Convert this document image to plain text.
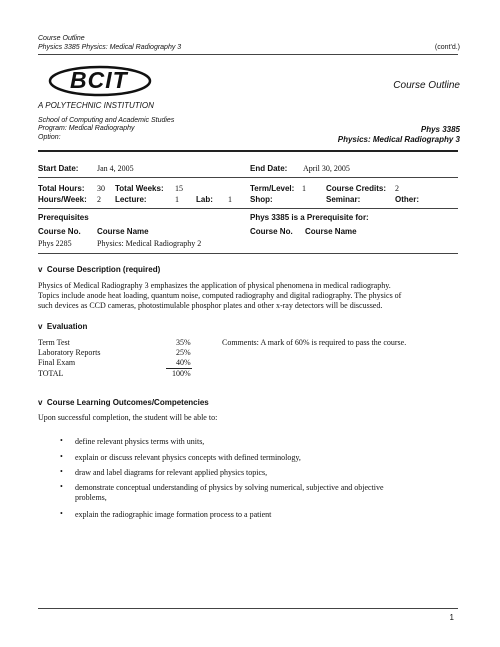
Course Outline
Physics 3385 Physics: Medical Radiography 3	(cont'd.)
BCIT
A POLYTECHNIC INSTITUTION
Course Outline
School of Computing and Academic Studies
Program: Medical Radiography
Option:
Phys 3385
Physics: Medical Radiography 3
Start Date: Jan 4, 2005	End Date: April 30, 2005
Total Hours: 30 Total Weeks: 15	Term/Level: 1	Course Credits: 2
Hours/Week: 2 Lecture:	1 Lab: 1 Shop:	Seminar:	Other:
Prerequisites
Course No. Course Name
Phys 2285	Physics: Medical Radiography 2
Phys 3385 is a Prerequisite for:
Course No. Course Name
v Course Description (required)
Physics of Medical Radiography 3 emphasizes the application of physical phenomena in medical radiography.
Topics include anode heat loading, quantum noise, computed radiography and digital radiography. The physics of
such devices as CCD cameras, photostimulable phosphor plates and other x-ray detectors will be discussed.
v Evaluation
Term Test	35%
Laboratory Reports	25%
Final Exam	40%
TOTAL	100%
Comments: A mark of 60% is required to pass the course.
v Course Learning Outcomes/Competencies
Upon successful completion, the student will be able to:
• define relevant physics terms with units,
• explain or discuss relevant physics concepts with defined terminology,
• draw and label diagrams for relevant applied physics topics,
• demonstrate conceptual understanding of physics by solving numerical, subjective and objective
problems,
• explain the radiographic image formation process to a patient
1
